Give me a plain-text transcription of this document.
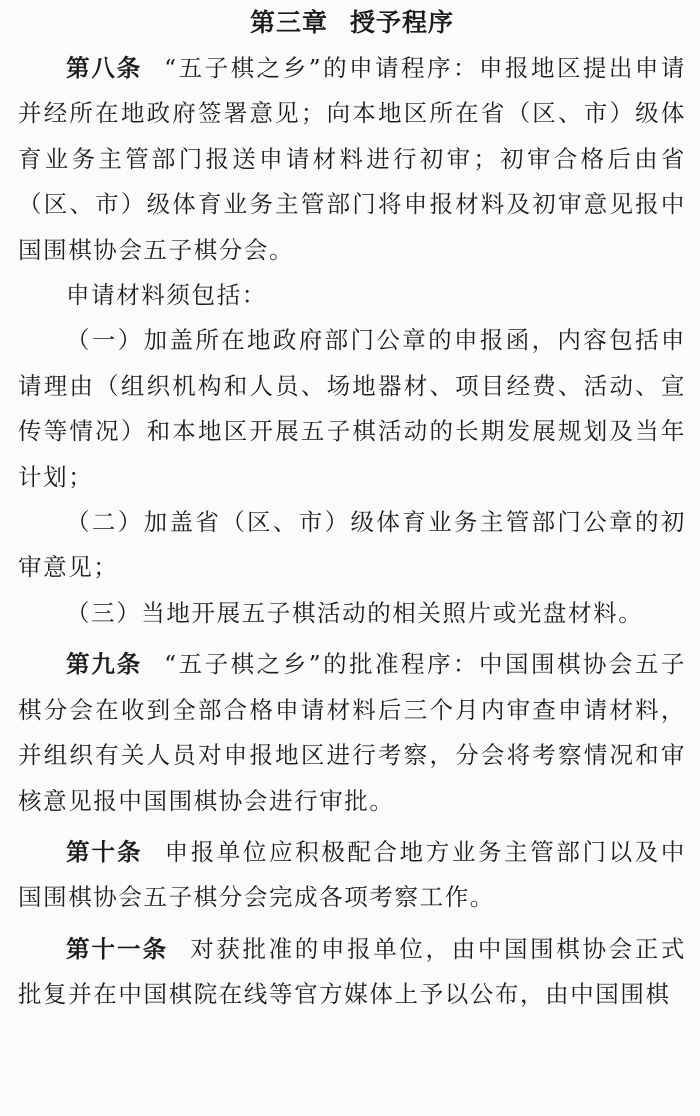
第三章 授予程序

第八条 “五子棋之乡”的申请程序：申报地区提出申请并经所在地政府签署意见；向本地区所在省（区、市）级体育业务主管部门报送申请材料进行初审；初审合格后由省（区、市）级体育业务主管部门将申报材料及初审意见报中国围棋协会五子棋分会。

申请材料须包括：

（一）加盖所在地政府部门公章的申报函，内容包括申请理由（组织机构和人员、场地器材、项目经费、活动、宣传等情况）和本地区开展五子棋活动的长期发展规划及当年计划；

（二）加盖省（区、市）级体育业务主管部门公章的初审意见；

（三）当地开展五子棋活动的相关照片或光盘材料。

第九条 “五子棋之乡”的批准程序：中国围棋协会五子棋分会在收到全部合格申请材料后三个月内审查申请材料，并组织有关人员对申报地区进行考察，分会将考察情况和审核意见报中国围棋协会进行审批。

第十条 申报单位应积极配合地方业务主管部门以及中国围棋协会五子棋分会完成各项考察工作。

第十一条 对获批准的申报单位，由中国围棋协会正式批复并在中国棋院在线等官方媒体上予以公布，由中国围棋
